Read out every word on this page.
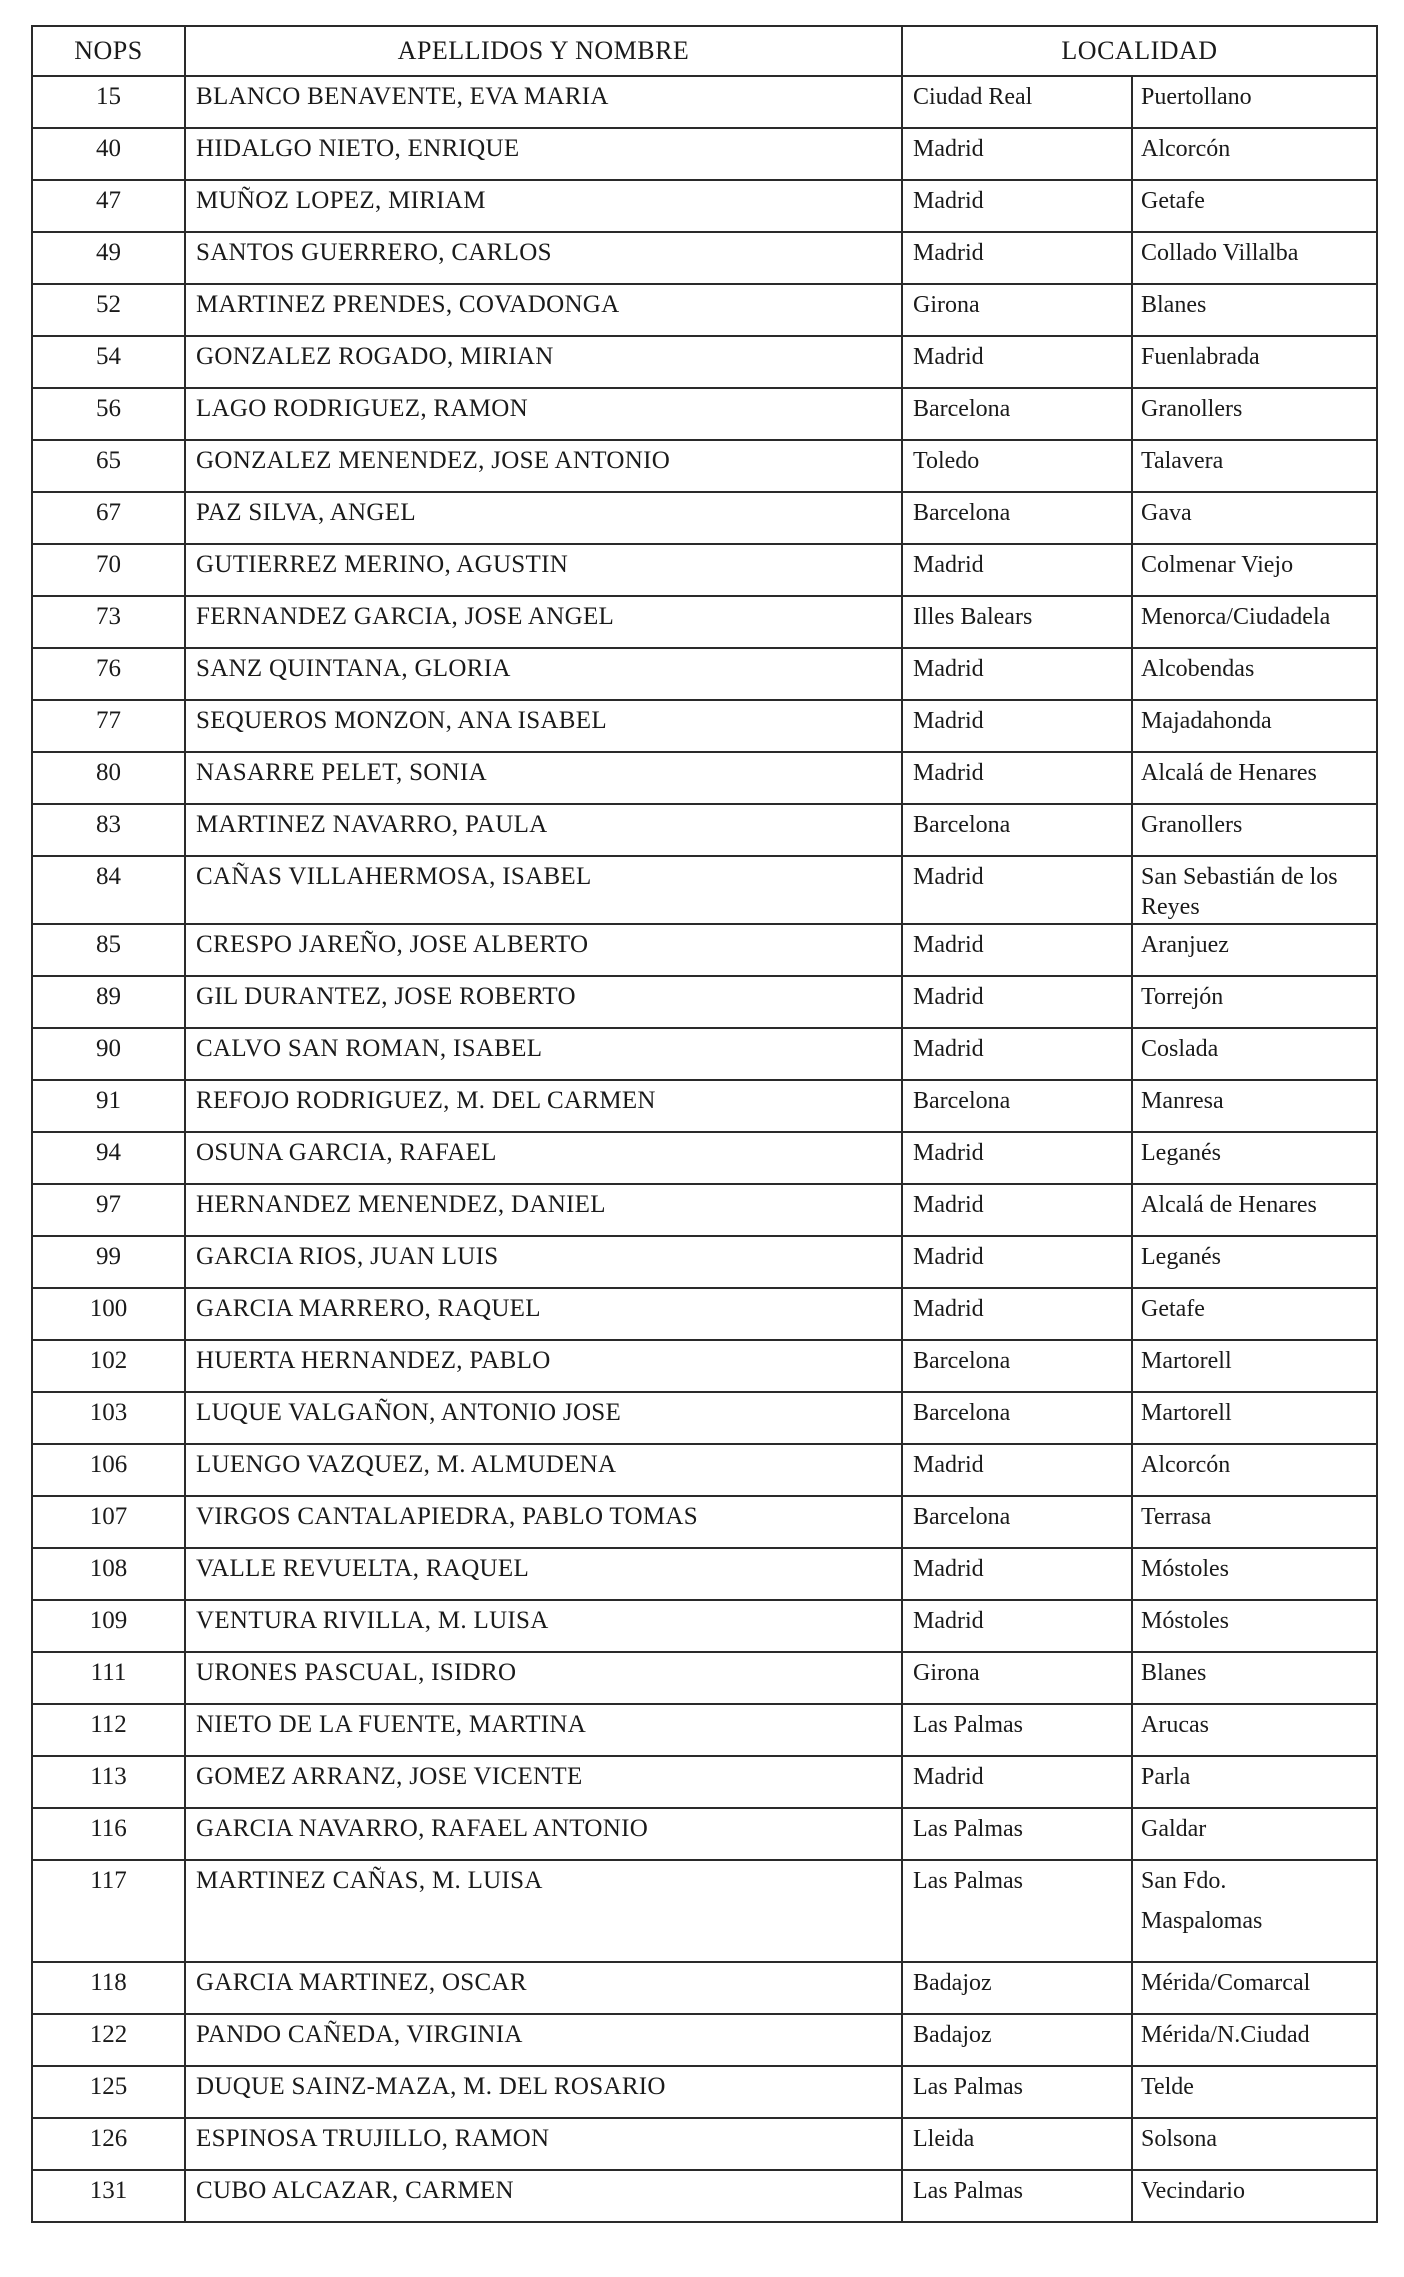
NOPS	APELLIDOS Y NOMBRE	LOCALIDAD	
15	BLANCO BENAVENTE, EVA MARIA	Ciudad Real	Puertollano

40	HIDALGO NIETO, ENRIQUE	Madrid	Alcorcón

47	MUÑOZ LOPEZ, MIRIAM	Madrid	Getafe

49	SANTOS GUERRERO, CARLOS	Madrid	Collado Villalba

52	MARTINEZ PRENDES, COVADONGA	Girona	Blanes

54	GONZALEZ ROGADO, MIRIAN	Madrid	Fuenlabrada

56	LAGO RODRIGUEZ, RAMON	Barcelona	Granollers

65	GONZALEZ MENENDEZ, JOSE ANTONIO	Toledo	Talavera

67	PAZ SILVA, ANGEL	Barcelona	Gava

70	GUTIERREZ MERINO, AGUSTIN	Madrid	Colmenar Viejo

73	FERNANDEZ GARCIA, JOSE ANGEL	Illes Balears	Menorca/Ciudadela

76	SANZ QUINTANA, GLORIA	Madrid	Alcobendas

77	SEQUEROS MONZON, ANA ISABEL	Madrid	Majadahonda

80	NASARRE PELET, SONIA	Madrid	Alcalá de Henares

83	MARTINEZ NAVARRO, PAULA	Barcelona	Granollers

84	CAÑAS VILLAHERMOSA, ISABEL	Madrid	San Sebastián de los
Reyes

85	CRESPO JAREÑO, JOSE ALBERTO	Madrid	Aranjuez

89	GIL DURANTEZ, JOSE ROBERTO	Madrid	Torrejón

90	CALVO SAN ROMAN, ISABEL	Madrid	Coslada

91	REFOJO RODRIGUEZ, M. DEL CARMEN	Barcelona	Manresa

94	OSUNA GARCIA, RAFAEL	Madrid	Leganés

97	HERNANDEZ MENENDEZ, DANIEL	Madrid	Alcalá de Henares

99	GARCIA RIOS, JUAN LUIS	Madrid	Leganés

100	GARCIA MARRERO, RAQUEL	Madrid	Getafe

102	HUERTA HERNANDEZ, PABLO	Barcelona	Martorell

103	LUQUE VALGAÑON, ANTONIO JOSE	Barcelona	Martorell

106	LUENGO VAZQUEZ, M. ALMUDENA	Madrid	Alcorcón

107	VIRGOS CANTALAPIEDRA, PABLO TOMAS	Barcelona	Terrasa

108	VALLE REVUELTA, RAQUEL	Madrid	Móstoles

109	VENTURA RIVILLA, M. LUISA	Madrid	Móstoles

111	URONES PASCUAL, ISIDRO	Girona	Blanes

112	NIETO DE LA FUENTE, MARTINA	Las Palmas	Arucas

113	GOMEZ ARRANZ, JOSE VICENTE	Madrid	Parla

116	GARCIA NAVARRO, RAFAEL ANTONIO	Las Palmas	Galdar

117	MARTINEZ CAÑAS, M. LUISA	Las Palmas	San Fdo.
Maspalomas

118	GARCIA MARTINEZ, OSCAR	Badajoz	Mérida/Comarcal

122	PANDO CAÑEDA, VIRGINIA	Badajoz	Mérida/N.Ciudad

125	DUQUE SAINZ-MAZA, M. DEL ROSARIO	Las Palmas	Telde

126	ESPINOSA TRUJILLO, RAMON	Lleida	Solsona

131	CUBO ALCAZAR, CARMEN	Las Palmas	Vecindario
